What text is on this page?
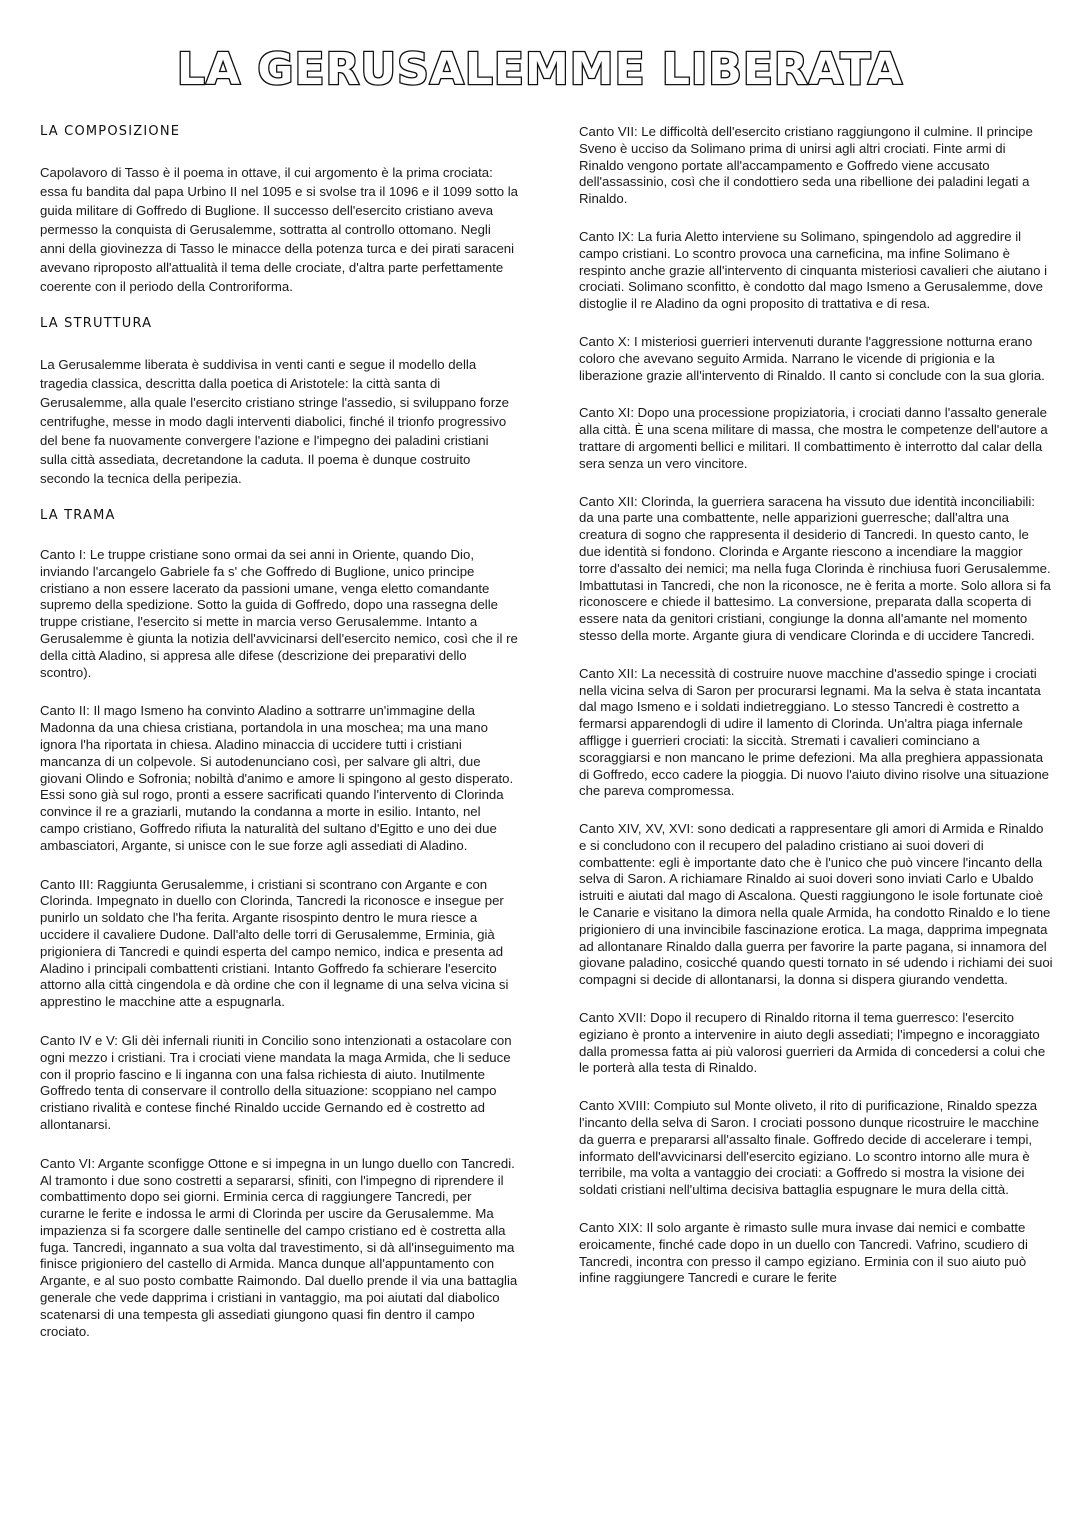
LA GERUSALEMME LIBERATA
LA COMPOSIZIONE

Capolavoro di Tasso è il poema in ottave, il cui argomento è la prima crociata: essa fu bandita dal papa Urbino II nel 1095 e si svolse tra il 1096 e il 1099 sotto la guida militare di Goffredo di Buglione. Il successo dell'esercito cristiano aveva permesso la conquista di Gerusalemme, sottratta al controllo ottomano. Negli anni della giovinezza di Tasso le minacce della potenza turca e dei pirati saraceni avevano riproposto all'attualità il tema delle crociate, d'altra parte perfettamente coerente con il periodo della Controriforma.

LA STRUTTURA

La Gerusalemme liberata è suddivisa in venti canti e segue il modello della tragedia classica, descritta dalla poetica di Aristotele: la città santa di Gerusalemme, alla quale l'esercito cristiano stringe l'assedio, si sviluppano forze centrifughe, messe in modo dagli interventi diabolici, finché il trionfo progressivo del bene fa nuovamente convergere l'azione e l'impegno dei paladini cristiani sulla città assediata, decretandone la caduta. Il poema è dunque costruito secondo la tecnica della peripezia.

LA TRAMA

Canto I: Le truppe cristiane sono ormai da sei anni in Oriente, quando Dio, inviando l'arcangelo Gabriele fa s' che Goffredo di Buglione, unico principe cristiano a non essere lacerato da passioni umane, venga eletto comandante supremo della spedizione. Sotto la guida di Goffredo, dopo una rassegna delle truppe cristiane, l'esercito si mette in marcia verso Gerusalemme. Intanto a Gerusalemme è giunta la notizia dell'avvicinarsi dell'esercito nemico, così che il re della città Aladino, si appresa alle difese (descrizione dei preparativi dello scontro).

Canto II: Il mago Ismeno ha convinto Aladino a sottrarre un'immagine della Madonna da una chiesa cristiana, portandola in una moschea; ma una mano ignora l'ha riportata in chiesa. Aladino minaccia di uccidere tutti i cristiani mancanza di un colpevole. Si autodenunciano così, per salvare gli altri, due giovani Olindo e Sofronia; nobiltà d'animo e amore li spingono al gesto disperato. Essi sono già sul rogo, pronti a essere sacrificati quando l'intervento di Clorinda convince il re a graziarli, mutando la condanna a morte in esilio. Intanto, nel campo cristiano, Goffredo rifiuta la naturalità del sultano d'Egitto e uno dei due ambasciatori, Argante, si unisce con le sue forze agli assediati di Aladino.

Canto III: Raggiunta Gerusalemme, i cristiani si scontrano con Argante e con Clorinda. Impegnato in duello con Clorinda, Tancredi la riconosce e insegue per punirlo un soldato che l'ha ferita. Argante risospinto dentro le mura riesce a uccidere il cavaliere Dudone. Dall'alto delle torri di Gerusalemme, Erminia, già prigioniera di Tancredi e quindi esperta del campo nemico, indica e presenta ad Aladino i principali combattenti cristiani. Intanto Goffredo fa schierare l'esercito attorno alla città cingendola e dà ordine che con il legname di una selva vicina si apprestino le macchine atte a espugnarla.

Canto IV e V: Gli dèi infernali riuniti in Concilio sono intenzionati a ostacolare con ogni mezzo i cristiani. Tra i crociati viene mandata la maga Armida, che li seduce con il proprio fascino e li inganna con una falsa richiesta di aiuto. Inutilmente Goffredo tenta di conservare il controllo della situazione: scoppiano nel campo cristiano rivalità e contese finché Rinaldo uccide Gernando ed è costretto ad allontanarsi.

Canto VI: Argante sconfigge Ottone e si impegna in un lungo duello con Tancredi. Al tramonto i due sono costretti a separarsi, sfiniti, con l'impegno di riprendere il combattimento dopo sei giorni. Erminia cerca di raggiungere Tancredi, per curarne le ferite e indossa le armi di Clorinda per uscire da Gerusalemme. Ma impazienza si fa scorgere dalle sentinelle del campo cristiano ed è costretta alla fuga. Tancredi, ingannato a sua volta dal travestimento, si dà all'inseguimento ma finisce prigioniero del castello di Armida. Manca dunque all'appuntamento con Argante, e al suo posto combatte Raimondo. Dal duello prende il via una battaglia generale che vede dapprima i cristiani in vantaggio, ma poi aiutati dal diabolico scatenarsi di una tempesta gli assediati giungono quasi fin dentro il campo crociato.

Canto VII: Le difficoltà dell'esercito cristiano raggiungono il culmine. Il principe Sveno è ucciso da Solimano prima di unirsi agli altri crociati. Finte armi di Rinaldo vengono portate all'accampamento e Goffredo viene accusato dell'assassinio, così che il condottiero seda una ribellione dei paladini legati a Rinaldo.

Canto IX: La furia Aletto interviene su Solimano, spingendolo ad aggredire il campo cristiani. Lo scontro provoca una carneficina, ma infine Solimano è respinto anche grazie all'intervento di cinquanta misteriosi cavalieri che aiutano i crociati. Solimano sconfitto, è condotto dal mago Ismeno a Gerusalemme, dove distoglie il re Aladino da ogni proposito di trattativa e di resa.

Canto X: I misteriosi guerrieri intervenuti durante l'aggressione notturna erano coloro che avevano seguito Armida. Narrano le vicende di prigionia e la liberazione grazie all'intervento di Rinaldo. Il canto si conclude con la sua gloria.

Canto XI: Dopo una processione propiziatoria, i crociati danno l'assalto generale alla città. È una scena militare di massa, che mostra le competenze dell'autore a trattare di argomenti bellici e militari. Il combattimento è interrotto dal calar della sera senza un vero vincitore.

Canto XII: Clorinda, la guerriera saracena ha vissuto due identità inconciliabili: da una parte una combattente, nelle apparizioni guerresche; dall'altra una creatura di sogno che rappresenta il desiderio di Tancredi. In questo canto, le due identità si fondono. Clorinda e Argante riescono a incendiare la maggior torre d'assalto dei nemici; ma nella fuga Clorinda è rinchiusa fuori Gerusalemme. Imbattutasi in Tancredi, che non la riconosce, ne è ferita a morte. Solo allora si fa riconoscere e chiede il battesimo. La conversione, preparata dalla scoperta di essere nata da genitori cristiani, congiunge la donna all'amante nel momento stesso della morte. Argante giura di vendicare Clorinda e di uccidere Tancredi.

Canto XII: La necessità di costruire nuove macchine d'assedio spinge i crociati nella vicina selva di Saron per procurarsi legnami. Ma la selva è stata incantata dal mago Ismeno e i soldati indietreggiano. Lo stesso Tancredi è costretto a fermarsi apparendogli di udire il lamento di Clorinda. Un'altra piaga infernale affligge i guerrieri crociati: la siccità. Stremati i cavalieri cominciano a scoraggiarsi e non mancano le prime defezioni. Ma alla preghiera appassionata di Goffredo, ecco cadere la pioggia. Di nuovo l'aiuto divino risolve una situazione che pareva compromessa.

Canto XIV, XV, XVI: sono dedicati a rappresentare gli amori di Armida e Rinaldo e si concludono con il recupero del paladino cristiano ai suoi doveri di combattente: egli è importante dato che è l'unico che può vincere l'incanto della selva di Saron. A richiamare Rinaldo ai suoi doveri sono inviati Carlo e Ubaldo istruiti e aiutati dal mago di Ascalona. Questi raggiungono le isole fortunate cioè le Canarie e visitano la dimora nella quale Armida, ha condotto Rinaldo e lo tiene prigioniero di una invincibile fascinazione erotica. La maga, dapprima impegnata ad allontanare Rinaldo dalla guerra per favorire la parte pagana, si innamora del giovane paladino, cosicché quando questi tornato in sé udendo i richiami dei suoi compagni si decide di allontanarsi, la donna si dispera giurando vendetta.

Canto XVII: Dopo il recupero di Rinaldo ritorna il tema guerresco: l'esercito egiziano è pronto a intervenire in aiuto degli assediati; l'impegno e incoraggiato dalla promessa fatta ai più valorosi guerrieri da Armida di concedersi a colui che le porterà alla testa di Rinaldo.

Canto XVIII: Compiuto sul Monte oliveto, il rito di purificazione, Rinaldo spezza l'incanto della selva di Saron. I crociati possono dunque ricostruire le macchine da guerra e prepararsi all'assalto finale. Goffredo decide di accelerare i tempi, informato dell'avvicinarsi dell'esercito egiziano. Lo scontro intorno alle mura è terribile, ma volta a vantaggio dei crociati: a Goffredo si mostra la visione dei soldati cristiani nell'ultima decisiva battaglia espugnare le mura della città.

Canto XIX: Il solo argante è rimasto sulle mura invase dai nemici e combatte eroicamente, finché cade dopo in un duello con Tancredi. Vafrino, scudiero di Tancredi, incontra con presso il campo egiziano. Erminia con il suo aiuto può infine raggiungere Tancredi e curare le ferite
